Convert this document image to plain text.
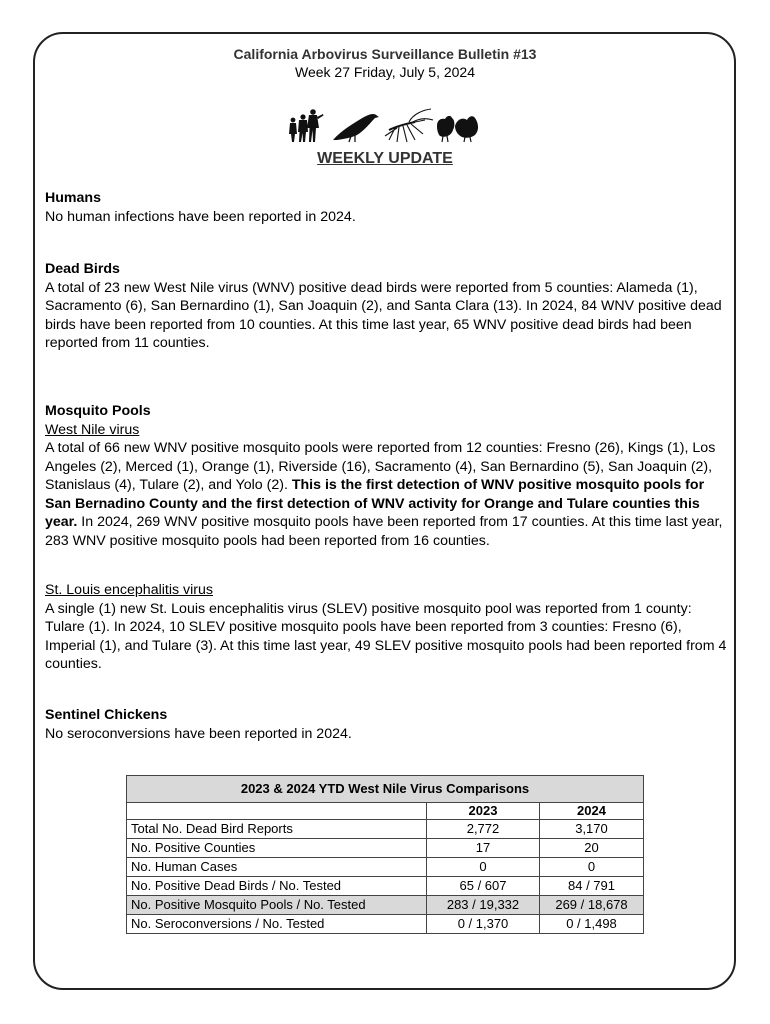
California Arbovirus Surveillance Bulletin #13
Week 27 Friday, July 5, 2024
WEEKLY UPDATE

Humans

No human infections have been reported in 2024.

Dead Birds

A total of 23 new West Nile virus (WNV) positive dead birds were reported from 5 counties: Alameda (1), Sacramento (6), San Bernardino (1), San Joaquin (2), and Santa Clara (13). In 2024, 84 WNV positive dead birds have been reported from 10 counties. At this time last year, 65 WNV positive dead birds had been reported from 11 counties.

Mosquito Pools

West Nile virus

A total of 66 new WNV positive mosquito pools were reported from 12 counties: Fresno (26), Kings (1), Los Angeles (2), Merced (1), Orange (1), Riverside (16), Sacramento (4), San Bernardino (5), San Joaquin (2), Stanislaus (4), Tulare (2), and Yolo (2). This is the first detection of WNV positive mosquito pools for San Bernadino County and the first detection of WNV activity for Orange and Tulare counties this year. In 2024, 269 WNV positive mosquito pools have been reported from 17 counties. At this time last year, 283 WNV positive mosquito pools had been reported from 16 counties.

St. Louis encephalitis virus

A single (1) new St. Louis encephalitis virus (SLEV) positive mosquito pool was reported from 1 county: Tulare (1). In 2024, 10 SLEV positive mosquito pools have been reported from 3 counties: Fresno (6), Imperial (1), and Tulare (3). At this time last year, 49 SLEV positive mosquito pools had been reported from 4 counties.

Sentinel Chickens

No seroconversions have been reported in 2024.

2023 & 2024 YTD West Nile Virus Comparisons		
	2023	2024
Total No. Dead Bird Reports	2,772	3,170
No. Positive Counties	17	20
No. Human Cases	0	0
No. Positive Dead Birds / No. Tested	65 / 607	84 / 791
No. Positive Mosquito Pools / No. Tested	283 / 19,332	269 / 18,678
No. Seroconversions / No. Tested	0 / 1,370	0 / 1,498
